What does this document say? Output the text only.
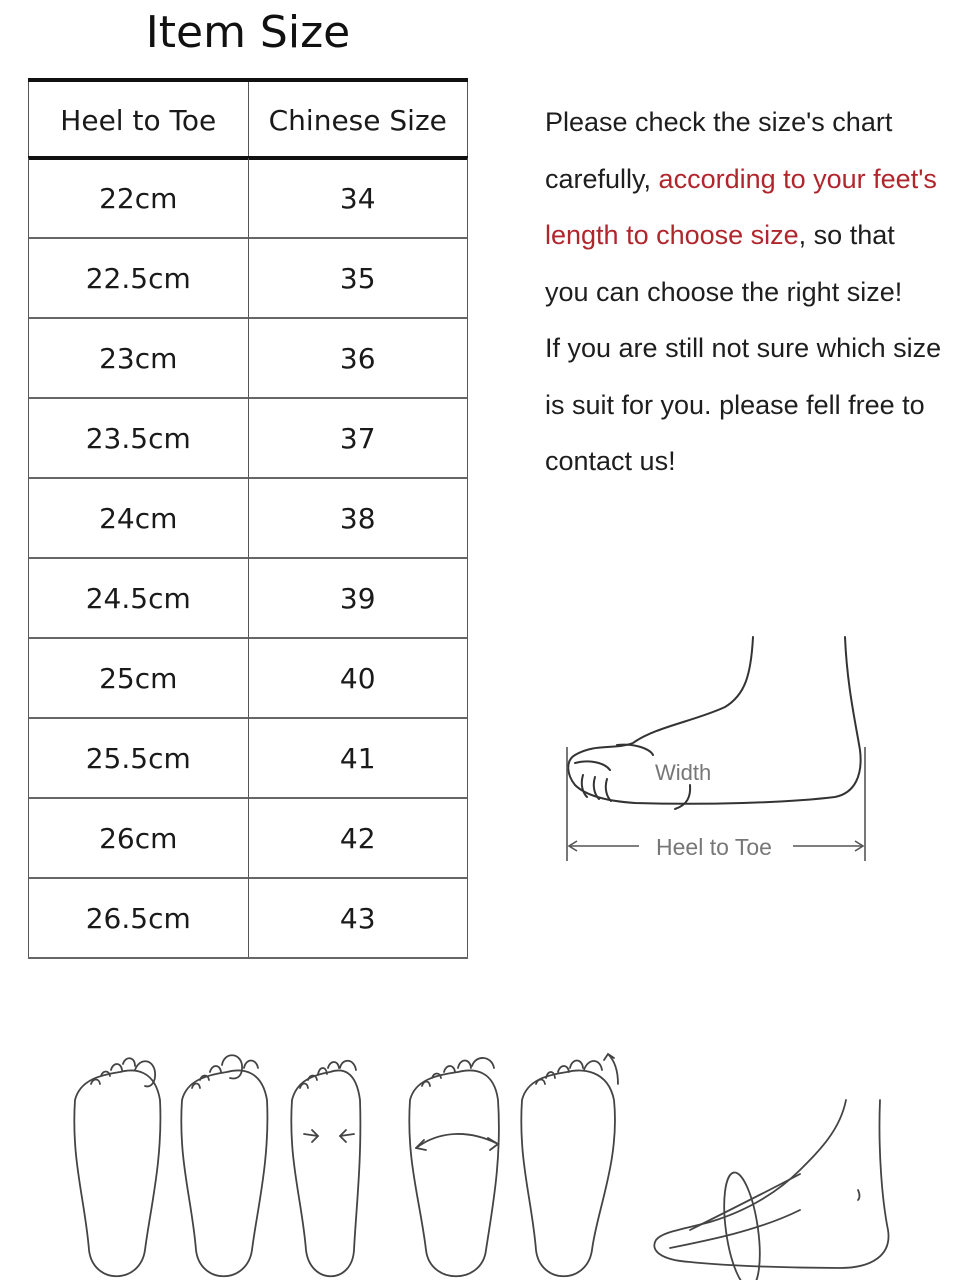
Item Size
Heel to Toe	Chinese Size
22cm	34
22.5cm	35
23cm	36
23.5cm	37
24cm	38
24.5cm	39
25cm	40
25.5cm	41
26cm	42
26.5cm	43

Please check the size's chart carefully, according to your feet's length to choose size, so that you can choose the right size!

If you are still not sure which size is suit for you. please fell free to contact us!

Width
Heel to Toe
